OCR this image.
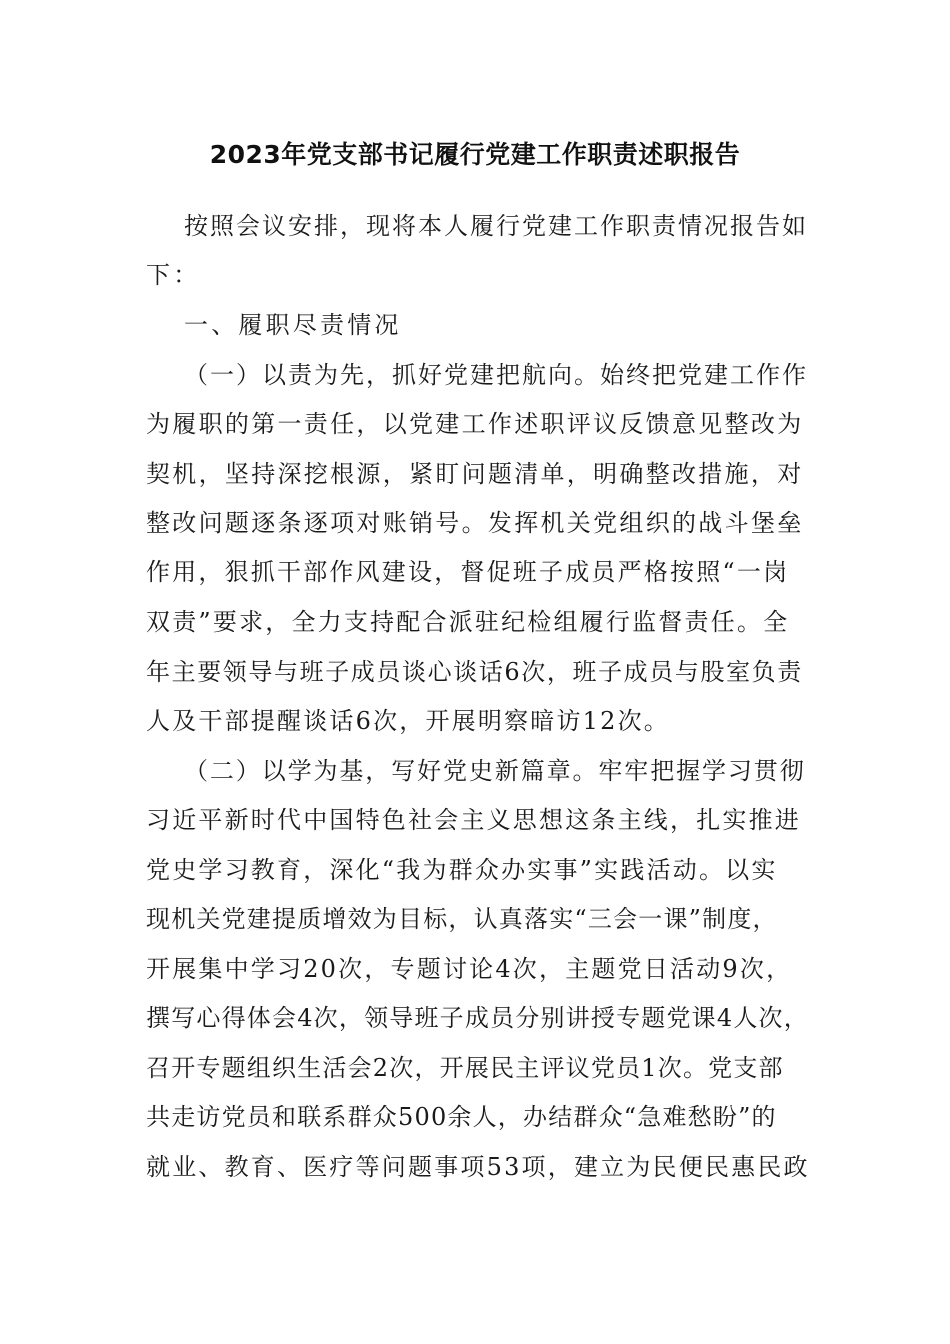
2023年党支部书记履行党建工作职责述职报告
按照会议安排，现将本人履行党建工作职责情况报告如
下：
一、履职尽责情况
（一）以责为先，抓好党建把航向。始终把党建工作作
为履职的第一责任，以党建工作述职评议反馈意见整改为
契机，坚持深挖根源，紧盯问题清单，明确整改措施，对
整改问题逐条逐项对账销号。发挥机关党组织的战斗堡垒
作用，狠抓干部作风建设，督促班子成员严格按照“一岗
双责”要求，全力支持配合派驻纪检组履行监督责任。全
年主要领导与班子成员谈心谈话6次，班子成员与股室负责
人及干部提醒谈话6次，开展明察暗访12次。
（二）以学为基，写好党史新篇章。牢牢把握学习贯彻
习近平新时代中国特色社会主义思想这条主线，扎实推进
党史学习教育，深化“我为群众办实事”实践活动。以实
现机关党建提质增效为目标，认真落实“三会一课”制度，
开展集中学习20次，专题讨论4次，主题党日活动9次，
撰写心得体会4次，领导班子成员分别讲授专题党课4人次，
召开专题组织生活会2次，开展民主评议党员1次。党支部
共走访党员和联系群众500余人，办结群众“急难愁盼”的
就业、教育、医疗等问题事项53项，建立为民便民惠民政
